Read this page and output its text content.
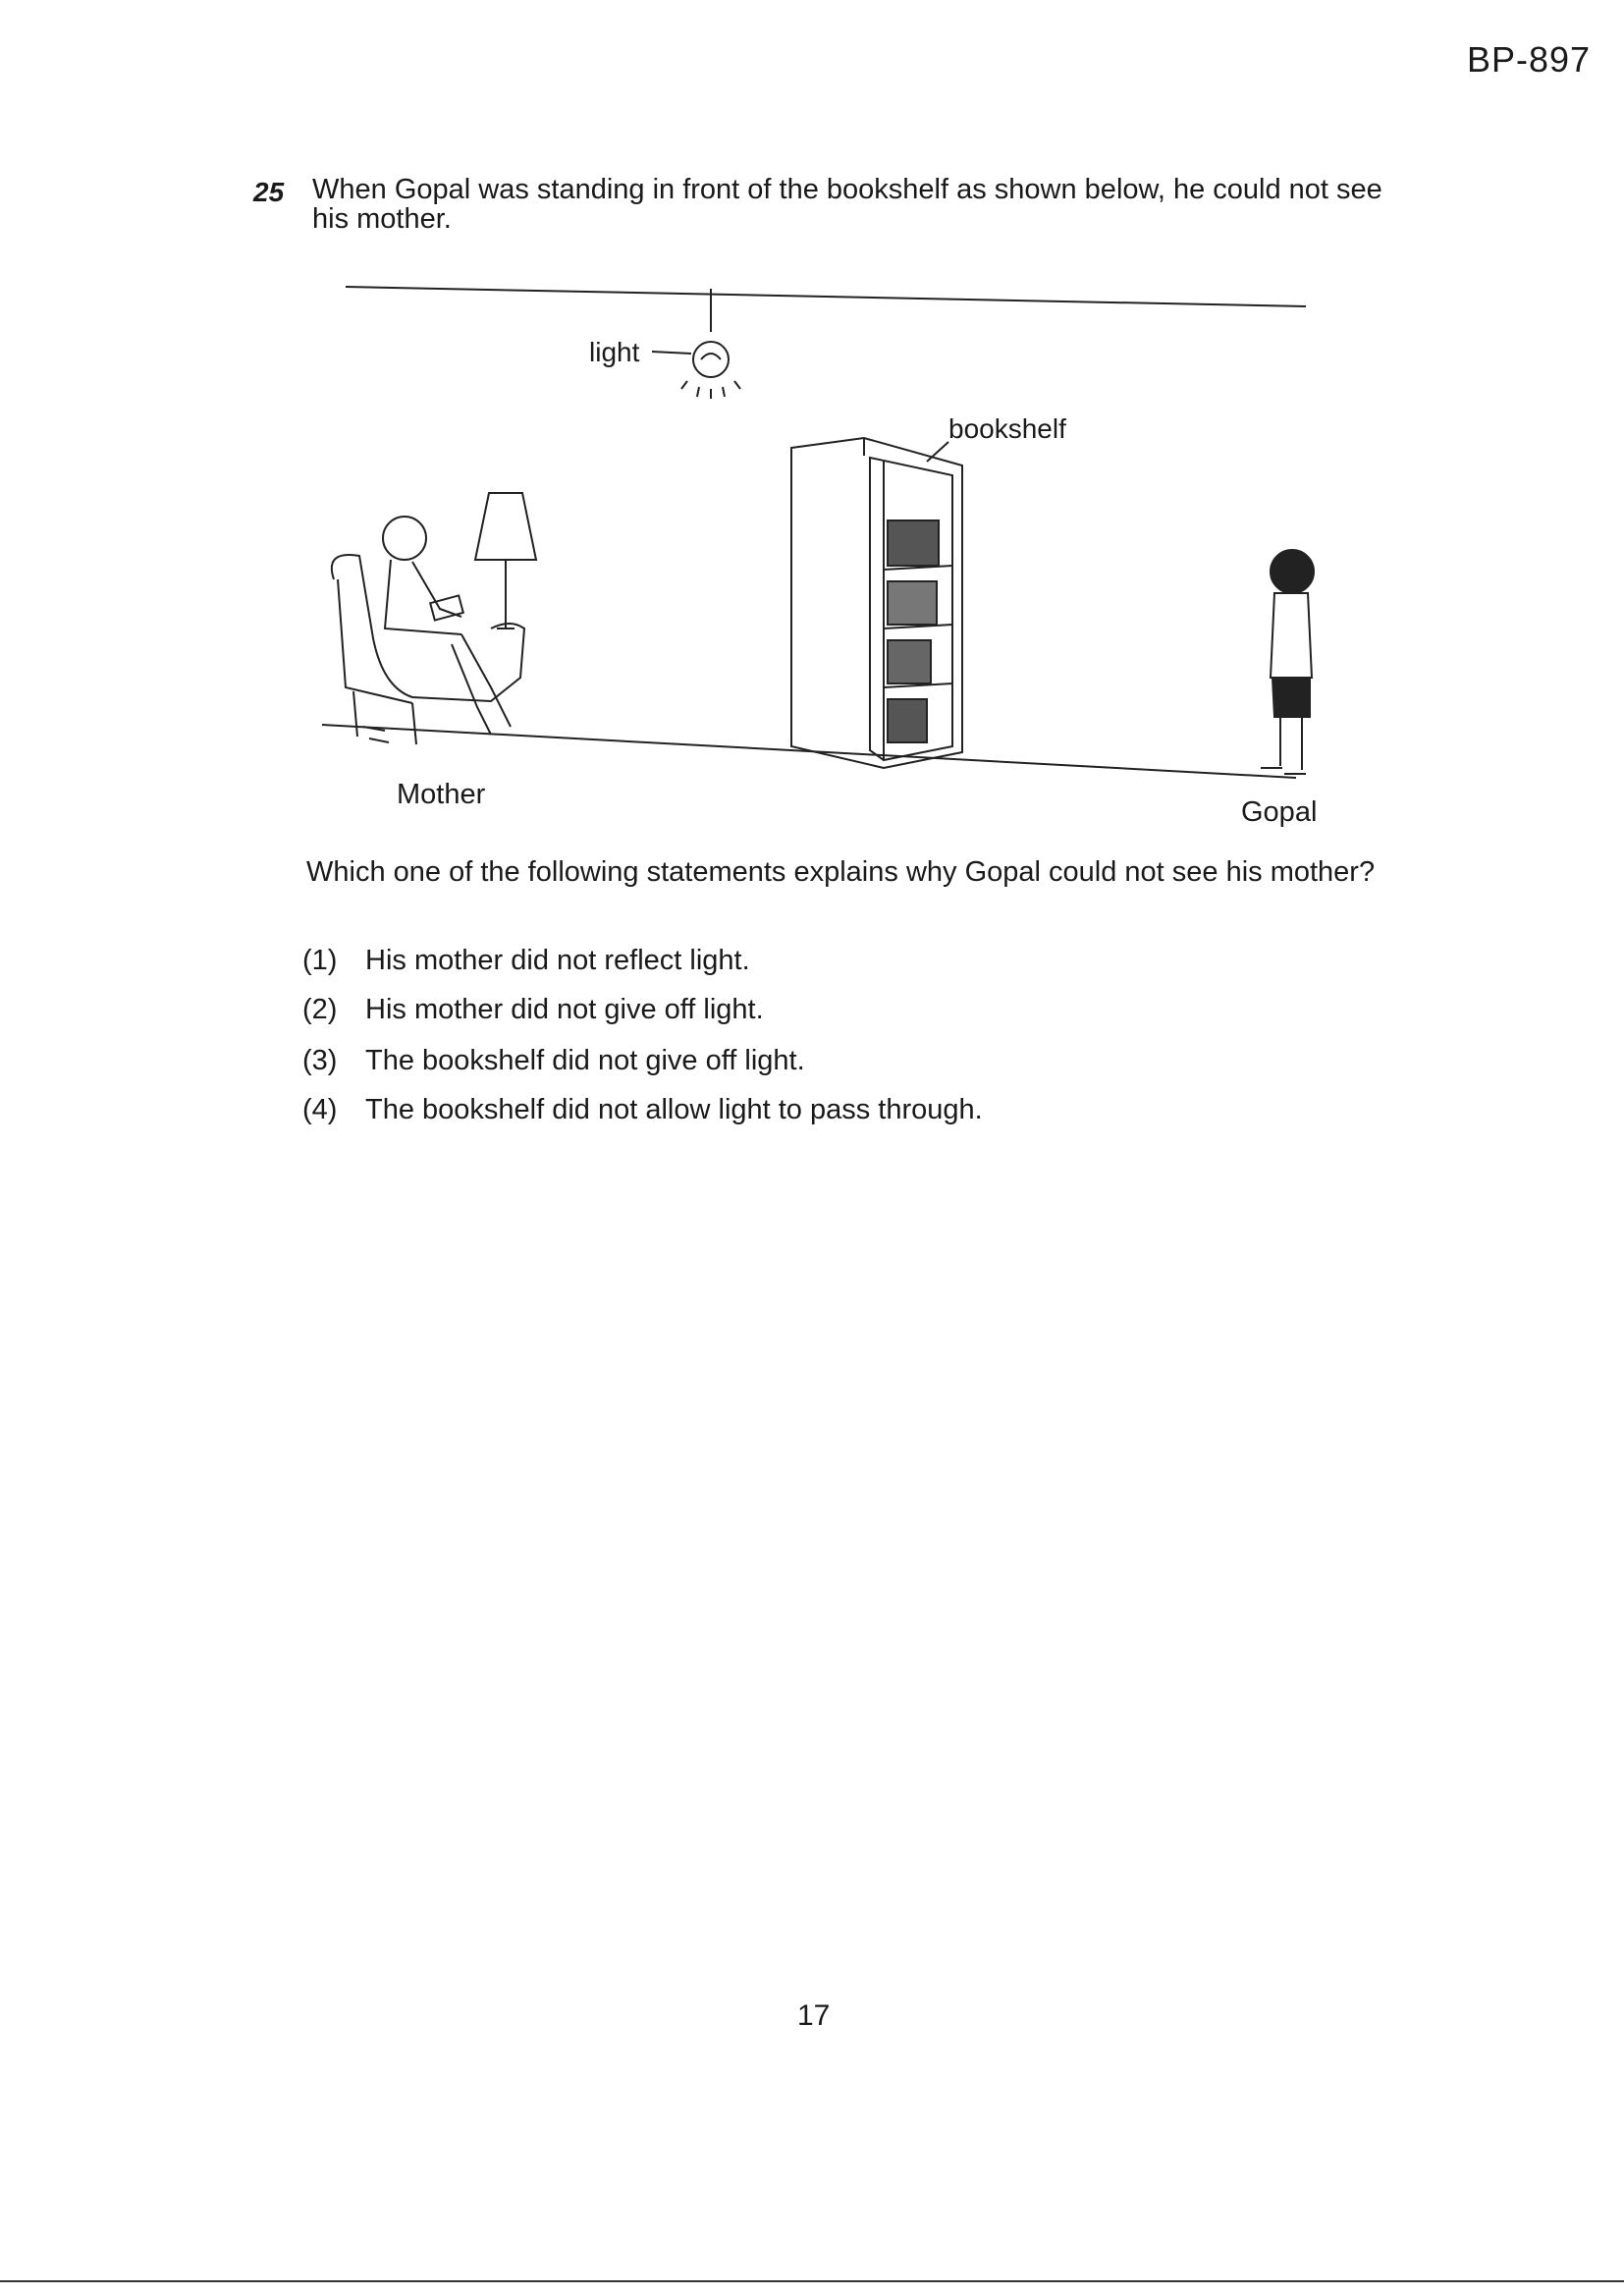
BP-897
25 When Gopal was standing in front of the bookshelf as shown below, he could not see his mother.
light
bookshelf
Mother
Gopal
Which one of the following statements explains why Gopal could not see his mother?
(1) His mother did not reflect light.
(2) His mother did not give off light.
(3) The bookshelf did not give off light.
(4) The bookshelf did not allow light to pass through.
17
